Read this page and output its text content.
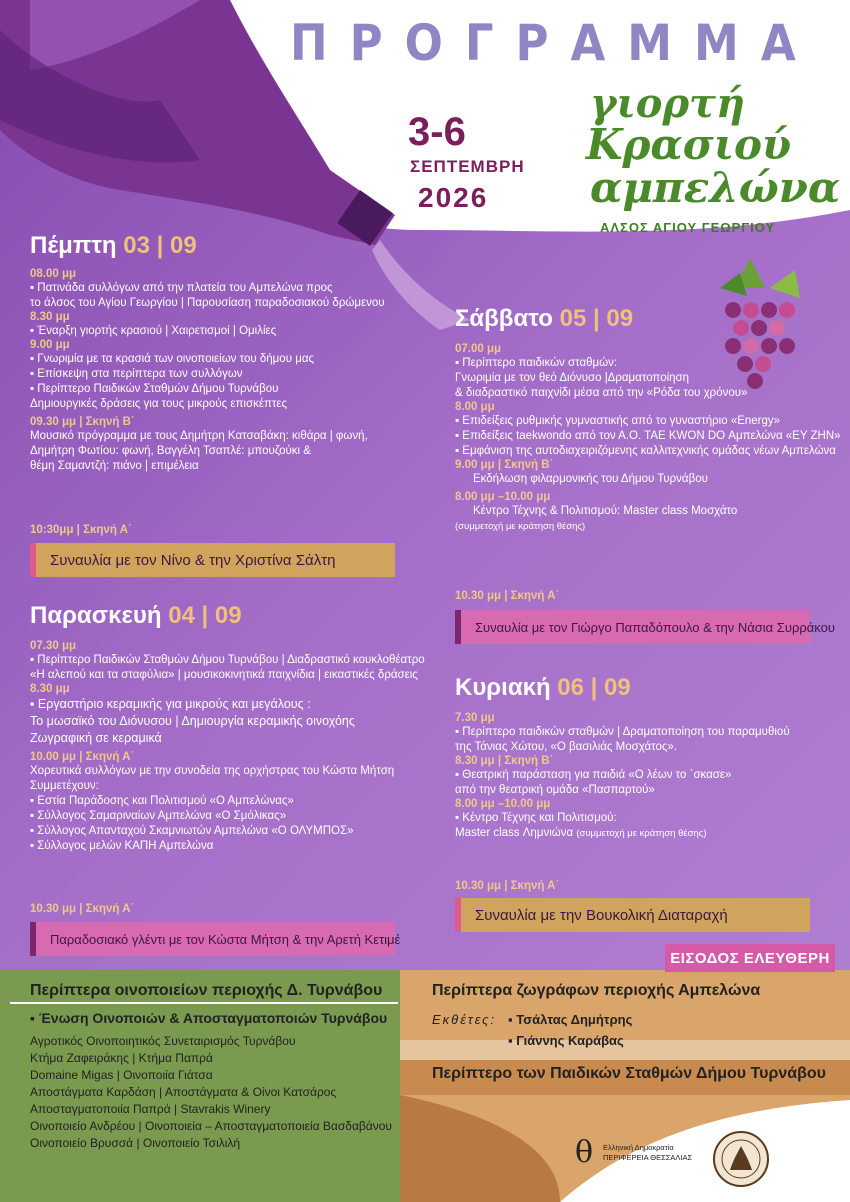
ΠΡΟΓΡΑΜΜΑ
3-6
ΣΕΠΤΕΜΒΡΗ
2026
γιορτή
Κρασιού
αμπελώνα
ΑΛΣΟΣ ΑΓΙΟΥ ΓΕΩΡΓΙΟΥ
Πέμπτη 03 | 09
08.00 μμ
▪ Πατινάδα συλλόγων από την πλατεία του Αμπελώνα προς
το άλσος του Αγίου Γεωργίου | Παρουσίαση παραδοσιακού δρώμενου
8.30 μμ
▪ Έναρξη γιορτής κρασιού | Χαιρετισμοί | Ομιλίες
9.00 μμ
▪ Γνωριμία με τα κρασιά των οινοποιείων του δήμου μας
▪ Επίσκεψη στα περίπτερα των συλλόγων
▪ Περίπτερο Παιδικών Σταθμών Δήμου Τυρνάβου
Δημιουργικές δράσεις για τους μικρούς επισκέπτες
09.30 μμ | Σκηνή Β΄
Μουσικό πρόγραμμα με τους Δημήτρη Κατσαβάκη: κιθάρα | φωνή,
Δημήτρη Φωτίου: φωνή, Βαγγέλη Τσαπλέ: μπουζούκι &
θέμη Σαμαντζή: πιάνο | επιμέλεια
10:30μμ | Σκηνή Α΄
Συναυλία με τον Νίνο & την Χριστίνα Σάλτη
Παρασκευή 04 | 09
07.30 μμ
▪ Περίπτερο Παιδικών Σταθμών Δήμου Τυρνάβου | Διαδραστικό κουκλοθέατρο
«Η αλεπού και τα σταφύλια» | μουσικοκινητικά παιχνίδια | εικαστικές δράσεις
8.30 μμ
▪ Εργαστήριο κεραμικής για μικρούς και μεγάλους :
Το μωσαϊκό του Διόνυσου | Δημιουργία κεραμικής οινοχόης
Ζωγραφική σε κεραμικά
10.00 μμ | Σκηνή Α΄
Χορευτικά συλλόγων με την συνοδεία της ορχήστρας του Κώστα Μήτση
Συμμετέχουν:
▪ Εστία Παράδοσης και Πολιτισμού «Ο Αμπελώνας»
▪ Σύλλογος Σαμαριναίων Αμπελώνα «Ο Σμόλικας»
▪ Σύλλογος Απανταχού Σκαμνιωτών Αμπελώνα «Ο ΟΛΥΜΠΟΣ»
▪ Σύλλογος μελών ΚΑΠΗ Αμπελώνα
10.30 μμ | Σκηνή Α΄
Παραδοσιακό γλέντι με τον Κώστα Μήτση & την Αρετή Κετιμέ
Σάββατο 05 | 09
07.00 μμ
▪ Περίπτερο παιδικών σταθμών:
Γνωριμία με τον θεό Διόνυσο |Δραματοποίηση
& διαδραστικό παιχνίδι μέσα από την «Ρόδα του χρόνου»
8.00 μμ
▪ Επιδείξεις ρυθμικής γυμναστικής από το γυναστήριο «Energy»
▪ Επιδείξεις taekwondo από τον Α.Ο. ΤΑΕ KWON DO Αμπελώνα «ΕΥ ΖΗΝ»
▪ Εμφάνιση της αυτοδιαχειριζόμενης καλλιτεχνικής ομάδας νέων Αμπελώνα
9.00 μμ | Σκηνή Β΄
Εκδήλωση φιλαρμονικής του Δήμου Τυρνάβου
8.00 μμ –10.00 μμ
Κέντρο Τέχνης & Πολιτισμού: Master class Μοσχάτο
(συμμετοχή με κράτηση θέσης)
10.30 μμ | Σκηνή Α΄
Συναυλία με τον Γιώργο Παπαδόπουλο & την Νάσια Συρράκου
Κυριακή 06 | 09
7.30 μμ
▪ Περίπτερο παιδικών σταθμών | Δραματοποίηση του παραμυθιού
της Τάνιας Χώτου, «Ο βασιλιάς Μοσχάτος».
8.30 μμ | Σκηνή Β΄
▪ Θεατρική παράσταση για παιδιά «Ο λέων το ΄σκασε»
από την θεατρική ομάδα «Πασπαρτού»
8.00 μμ –10.00 μμ
▪ Κέντρο Τέχνης και Πολιτισμού:
Master class Λημνιώνα (συμμετοχή με κράτηση θέσης)
10.30 μμ | Σκηνή Α΄
Συναυλία με την Βουκολική Διαταραχή
ΕΙΣΟΔΟΣ ΕΛΕΥΘΕΡΗ
Περίπτερα οινοποιείων περιοχής Δ. Τυρνάβου
▪ Ένωση Οινοποιών & Αποσταγματοποιών Τυρνάβου
Αγροτικός Οινοποιητικός Συνεταιρισμός Τυρνάβου
Κτήμα Ζαφειράκης | Κτήμα Παπρά
Domaine Migas | Οινοποιία Γιάτσα
Αποστάγματα Καρδάση | Αποστάγματα & Οίνοι Κατσάρος
Αποσταγματοποιία Παπρά | Stavrakis Winery
Οινοποιείο Ανδρέου | Οινοποιεία – Αποσταγματοποιεία Βασδαβάνου
Οινοποιείο Βρυσσά | Οινοποιείο Τσιλιλή
Περίπτερα ζωγράφων περιοχής Αμπελώνα
Εκθέτες: ▪ Τσάλτας Δημήτρης
▪ Γιάννης Καράβας
Περίπτερο των Παιδικών Σταθμών Δήμου Τυρνάβου
θ Ελληνική Δημοκρατία
ΠΕΡΙΦΕΡΕΙΑ ΘΕΣΣΑΛΙΑΣ
